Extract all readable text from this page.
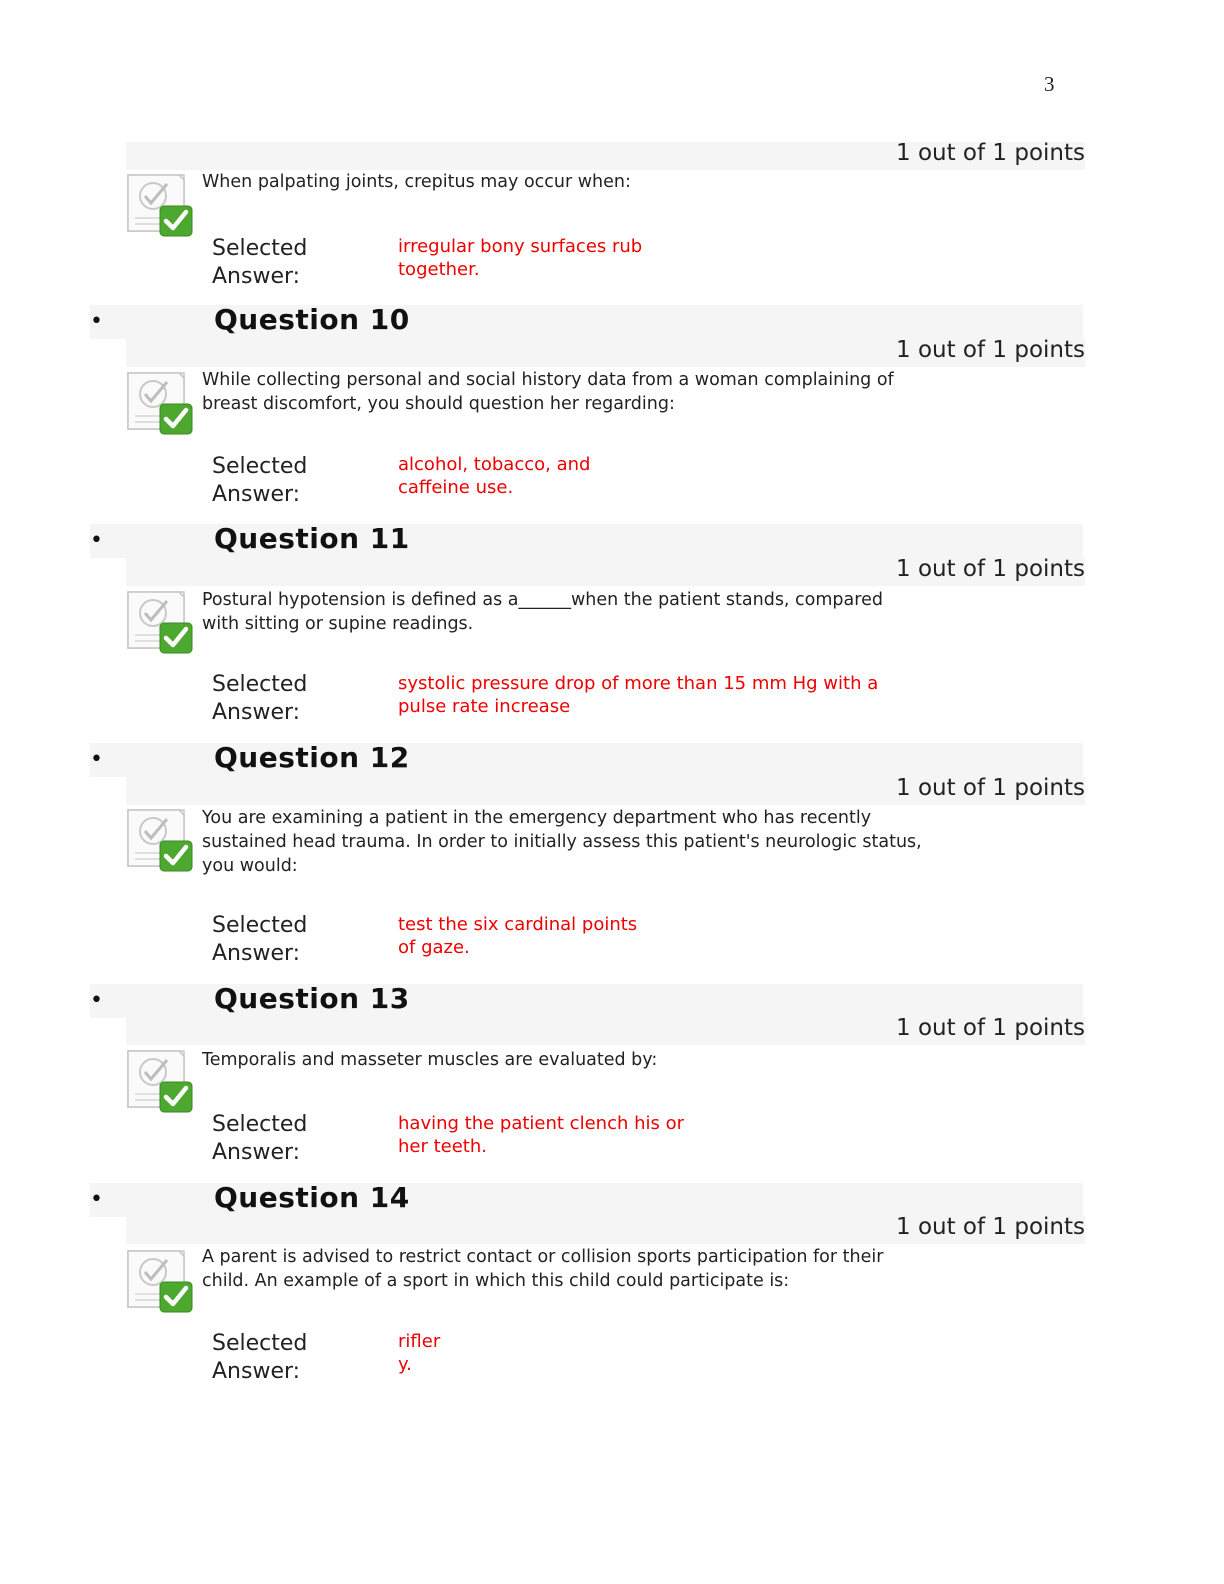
3
1 out of 1 points
When palpating joints, crepitus may occur when:
Selected
Answer:
irregular bony surfaces rub
together.
•	Question 10
1 out of 1 points
While collecting personal and social history data from a woman complaining of
breast discomfort, you should question her regarding:
Selected
Answer:
alcohol, tobacco, and
caffeine use.
•	Question 11
1 out of 1 points
Postural hypotension is defined as a______when the patient stands, compared
with sitting or supine readings.
Selected
Answer:
systolic pressure drop of more than 15 mm Hg with a
pulse rate increase
•	Question 12
1 out of 1 points
You are examining a patient in the emergency department who has recently
sustained head trauma. In order to initially assess this patient's neurologic status,
you would:
Selected
Answer:
test the six cardinal points
of gaze.
•	Question 13
1 out of 1 points
Temporalis and masseter muscles are evaluated by:
Selected
Answer:
having the patient clench his or
her teeth.
•	Question 14
1 out of 1 points
A parent is advised to restrict contact or collision sports participation for their
child. An example of a sport in which this child could participate is:
Selected
Answer:
rifler
y.
